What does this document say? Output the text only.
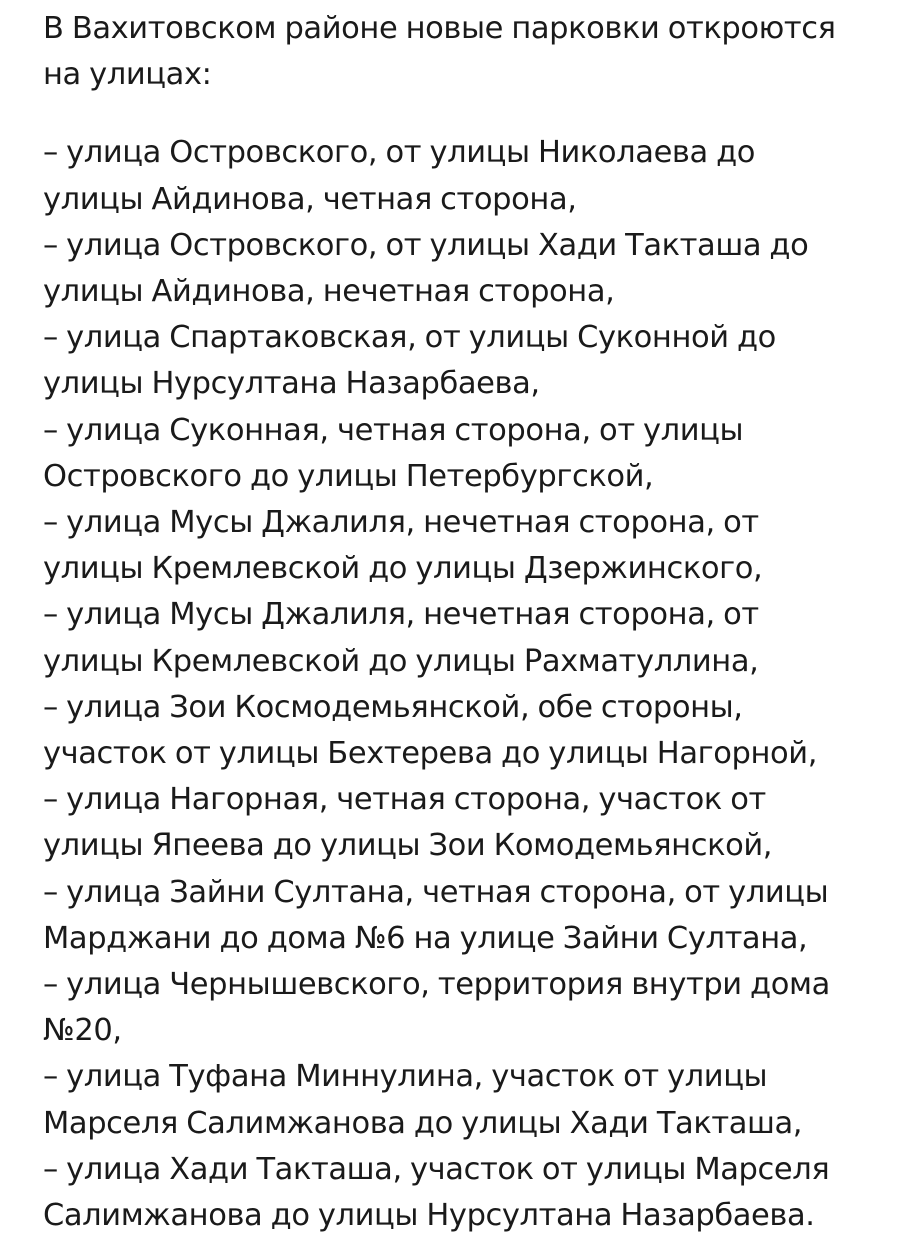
В Вахитовском районе новые парковки откроются
на улицах:

– улица Островского, от улицы Николаева до
улицы Айдинова, четная сторона,
– улица Островского, от улицы Хади Такташа до
улицы Айдинова, нечетная сторона,
– улица Спартаковская, от улицы Суконной до
улицы Нурсултана Назарбаева,
– улица Суконная, четная сторона, от улицы
Островского до улицы Петербургской,
– улица Мусы Джалиля, нечетная сторона, от
улицы Кремлевской до улицы Дзержинского,
– улица Мусы Джалиля, нечетная сторона, от
улицы Кремлевской до улицы Рахматуллина,
– улица Зои Космодемьянской, обе стороны,
участок от улицы Бехтерева до улицы Нагорной,
– улица Нагорная, четная сторона, участок от
улицы Япеева до улицы Зои Комодемьянской,
– улица Зайни Султана, четная сторона, от улицы
Марджани до дома №6 на улице Зайни Султана,
– улица Чернышевского, территория внутри дома
№20,
– улица Туфана Миннулина, участок от улицы
Марселя Салимжанова до улицы Хади Такташа,
– улица Хади Такташа, участок от улицы Марселя
Салимжанова до улицы Нурсултана Назарбаева.
